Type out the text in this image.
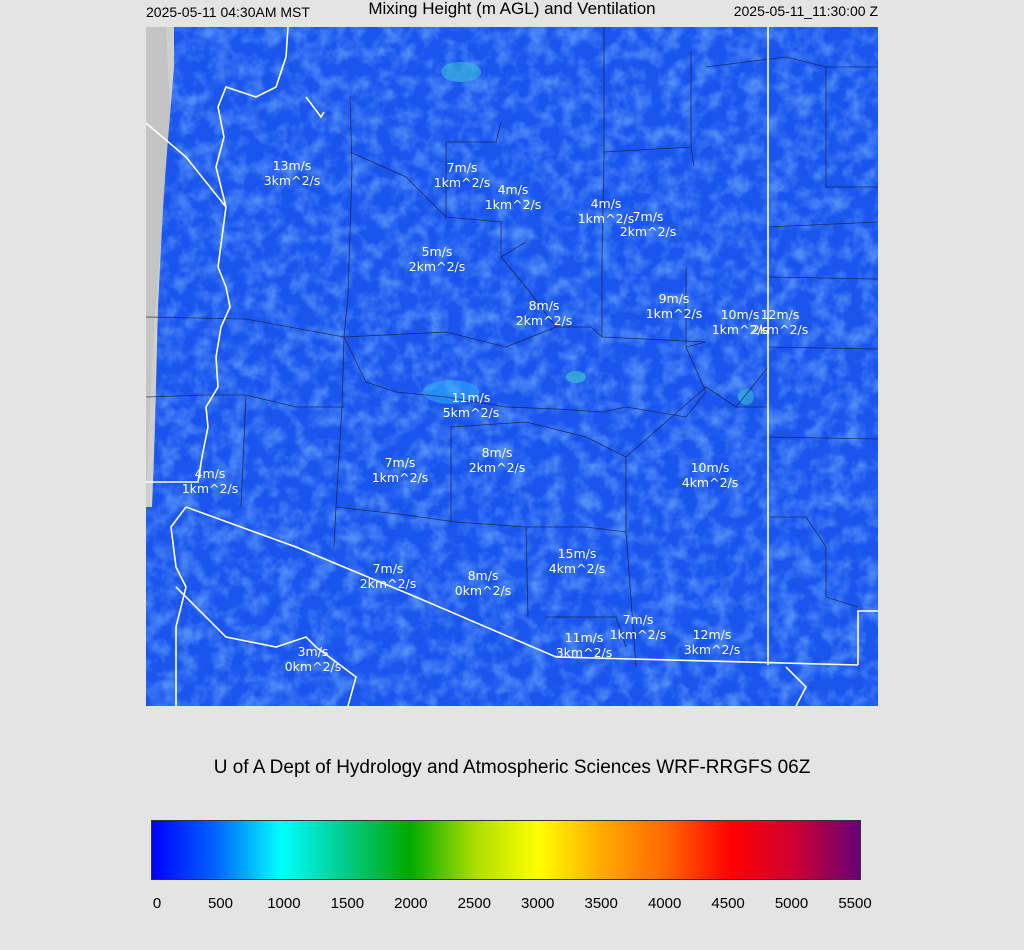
2025-05-11 04:30AM MST	Mixing Height (m AGL) and Ventilation	2025-05-11_11:30:00 Z
13m/s
3km^2/s
7m/s
1km^2/s 4m/s
1km^2/s	4m/s
1km^2/s
7m/s
2km^2/s
5m/s
2km^2/s
8m/s
2km^2/s
9m/s
1km^2/s 10m/s
1km^2/s
12m/s
2km^2/s
11m/s
5km^2/s
7m/s
1km^2/s
8m/s
2km^2/s	10m/s
4km^2/s
4m/s
1km^2/s
7m/s
2km^2/s
8m/s
0km^2/s
15m/s
4km^2/s
7m/s
1km^2/s
11m/s
3km^2/s
12m/s
3km^2/s
3m/s
0km^2/s
U of A Dept of Hydrology and Atmospheric Sciences WRF-RRGFS 06Z
0	500 1000 1500 2000 2500 3000 3500 4000 4500 5000 5500
